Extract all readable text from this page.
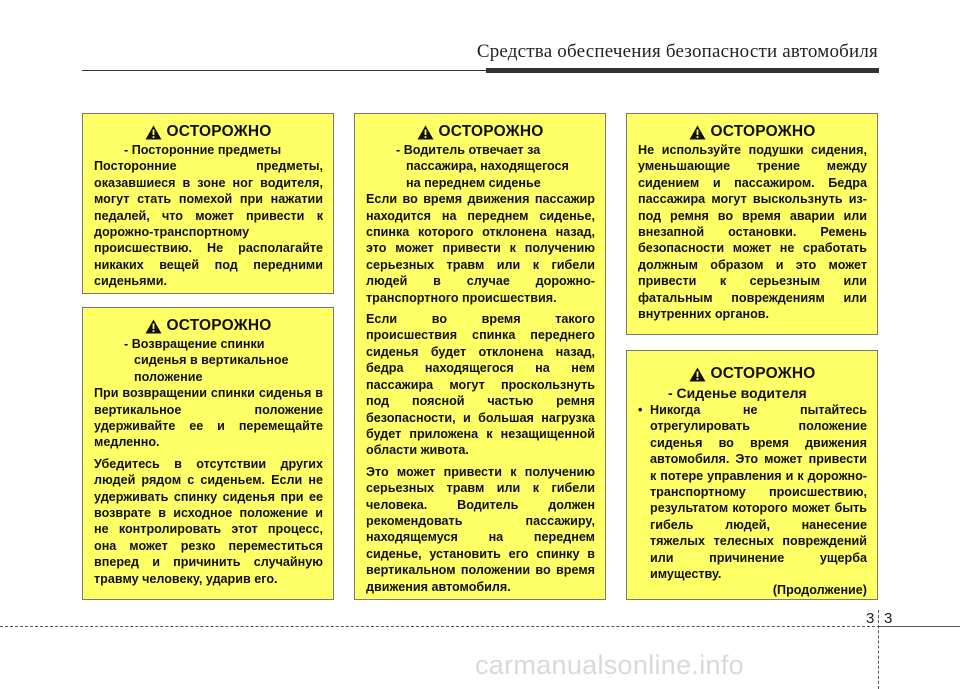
Средства обеспечения безопасности автомобиля
ОСТОРОЖНО
- Посторонние предметы

Посторонние предметы, оказавшиеся в зоне ног водителя, могут стать помехой при нажатии педалей, что может привести к дорожно-транспортному происшествию. Не располагайте никаких вещей под передними сиденьями.

ОСТОРОЖНО
- Возвращение спинки
сиденья в вертикальное
положение

При возвращении спинки сиденья в вертикальное положение удерживайте ее и перемещайте медленно.

Убедитесь в отсутствии других людей рядом с сиденьем. Если не удерживать спинку сиденья при ее возврате в исходное положение и не контролировать этот процесс, она может резко переместиться вперед и причинить случайную травму человеку, ударив его.

ОСТОРОЖНО
- Водитель отвечает за
пассажира, находящегося
на переднем сиденье

Если во время движения пассажир находится на переднем сиденье, спинка которого отклонена назад, это может привести к получению серьезных травм или к гибели людей в случае дорожно-транспортного происшествия.

Если во время такого происшествия спинка переднего сиденья будет отклонена назад, бедра находящегося на нем пассажира могут проскользнуть под поясной частью ремня безопасности, и большая нагрузка будет приложена к незащищенной области живота.

Это может привести к получению серьезных травм или к гибели человека. Водитель должен рекомендовать пассажиру, находящемуся на переднем сиденье, установить его спинку в вертикальном положении во время движения автомобиля.

ОСТОРОЖНО

Не используйте подушки сидения, уменьшающие трение между сидением и пассажиром. Бедра пассажира могут выскользнуть из-под ремня во время аварии или внезапной остановки. Ремень безопасности может не сработать должным образом и это может привести к серьезным или фатальным повреждениям или внутренних органов.

ОСТОРОЖНО
- Сиденье водителя
• Никогда не пытайтесь отрегулировать положение сиденья во время движения автомобиля. Это может привести к потере управления и к дорожно-транспортному происшествию, результатом которого может быть гибель людей, нанесение тяжелых телесных повреждений или причинение ущерба имуществу.
(Продолжение)
3 3
carmanualsonline.info
